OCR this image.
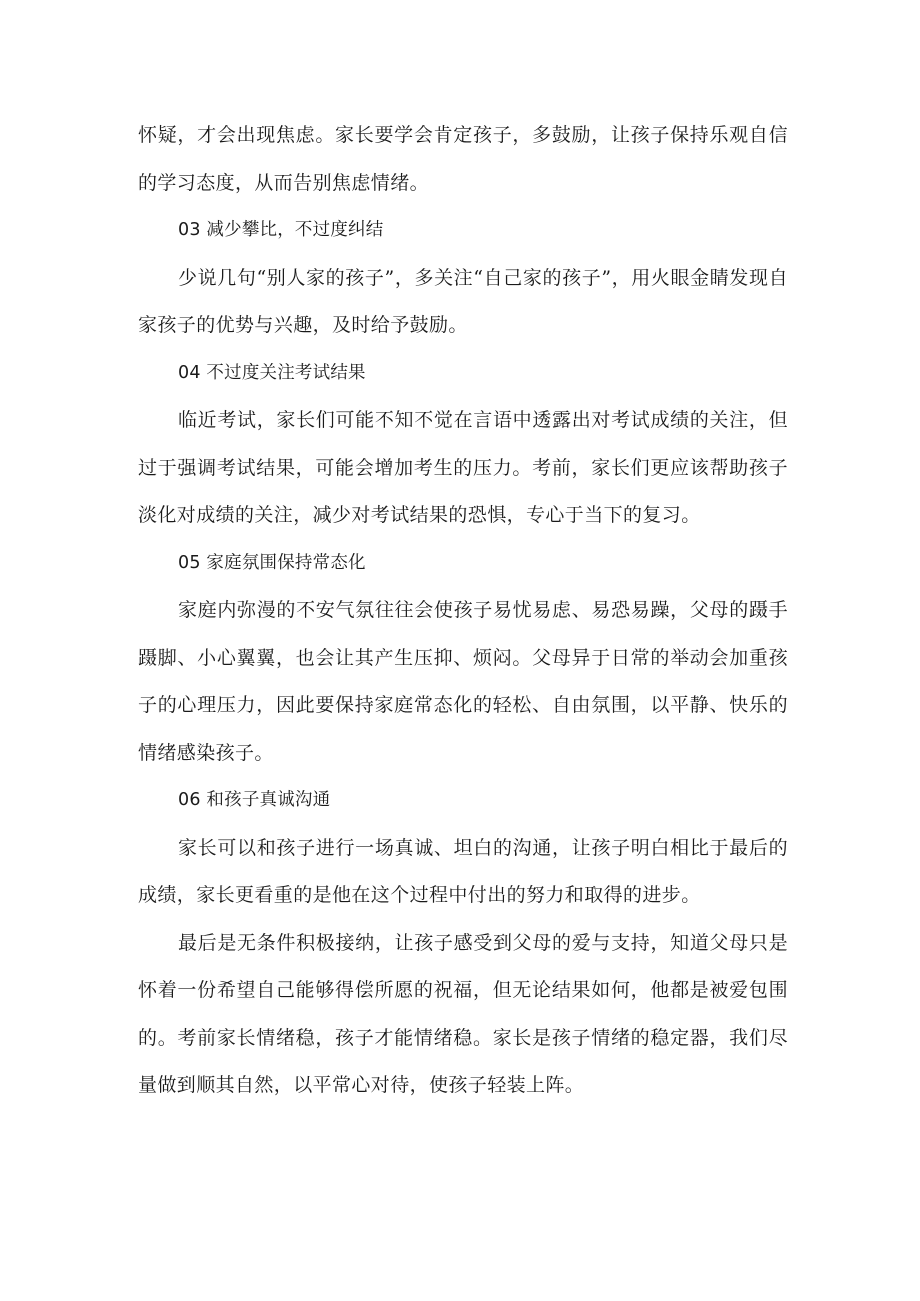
怀疑，才会出现焦虑。家长要学会肯定孩子，多鼓励，让孩子保持乐观自信的学习态度，从而告别焦虑情绪。

03 减少攀比，不过度纠结

少说几句“别人家的孩子”，多关注“自己家的孩子”，用火眼金睛发现自家孩子的优势与兴趣，及时给予鼓励。

04 不过度关注考试结果

临近考试，家长们可能不知不觉在言语中透露出对考试成绩的关注，但过于强调考试结果，可能会增加考生的压力。考前，家长们更应该帮助孩子淡化对成绩的关注，减少对考试结果的恐惧，专心于当下的复习。

05 家庭氛围保持常态化

家庭内弥漫的不安气氛往往会使孩子易忧易虑、易恐易躁，父母的蹑手蹑脚、小心翼翼，也会让其产生压抑、烦闷。父母异于日常的举动会加重孩子的心理压力，因此要保持家庭常态化的轻松、自由氛围，以平静、快乐的情绪感染孩子。

06 和孩子真诚沟通

家长可以和孩子进行一场真诚、坦白的沟通，让孩子明白相比于最后的成绩，家长更看重的是他在这个过程中付出的努力和取得的进步。

最后是无条件积极接纳，让孩子感受到父母的爱与支持，知道父母只是怀着一份希望自己能够得偿所愿的祝福，但无论结果如何，他都是被爱包围的。考前家长情绪稳，孩子才能情绪稳。家长是孩子情绪的稳定器，我们尽量做到顺其自然，以平常心对待，使孩子轻装上阵。
